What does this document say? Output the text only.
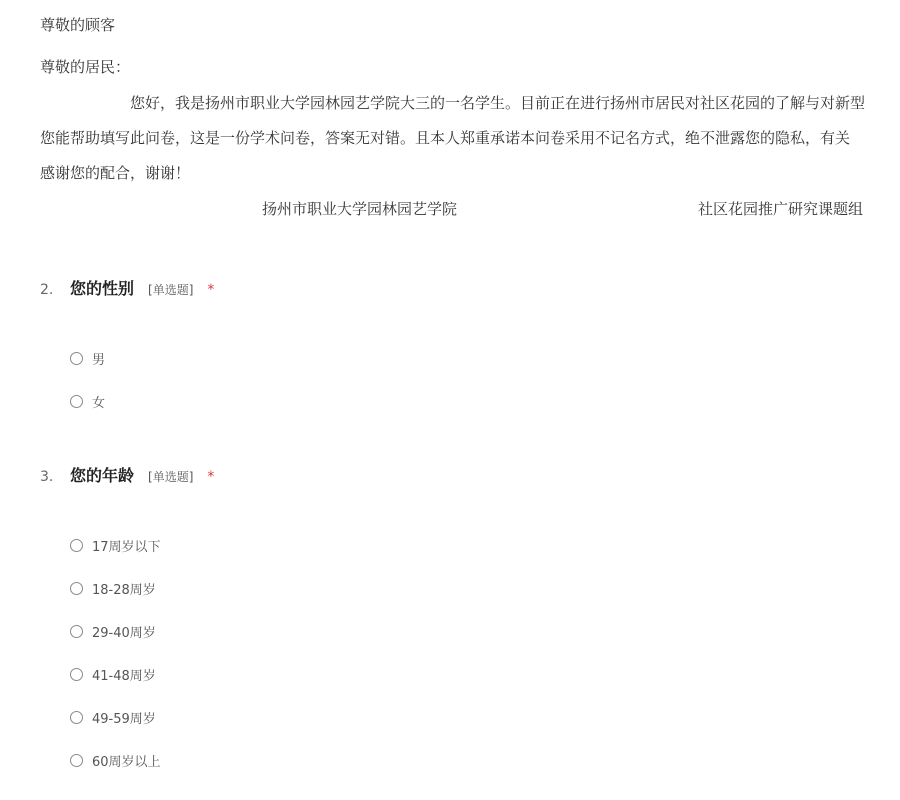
尊敬的顾客
尊敬的居民：
您好，我是扬州市职业大学园林园艺学院大三的一名学生。目前正在进行扬州市居民对社区花园的了解与对新型
您能帮助填写此问卷，这是一份学术问卷，答案无对错。且本人郑重承诺本问卷采用不记名方式，绝不泄露您的隐私，有关
感谢您的配合，谢谢！
扬州市职业大学园林园艺学院	社区花园推广研究课题组
2.	您的性别 [单选题] *
男
女
3.	您的年龄 [单选题] *
17周岁以下
18-28周岁
29-40周岁
41-48周岁
49-59周岁
60周岁以上
